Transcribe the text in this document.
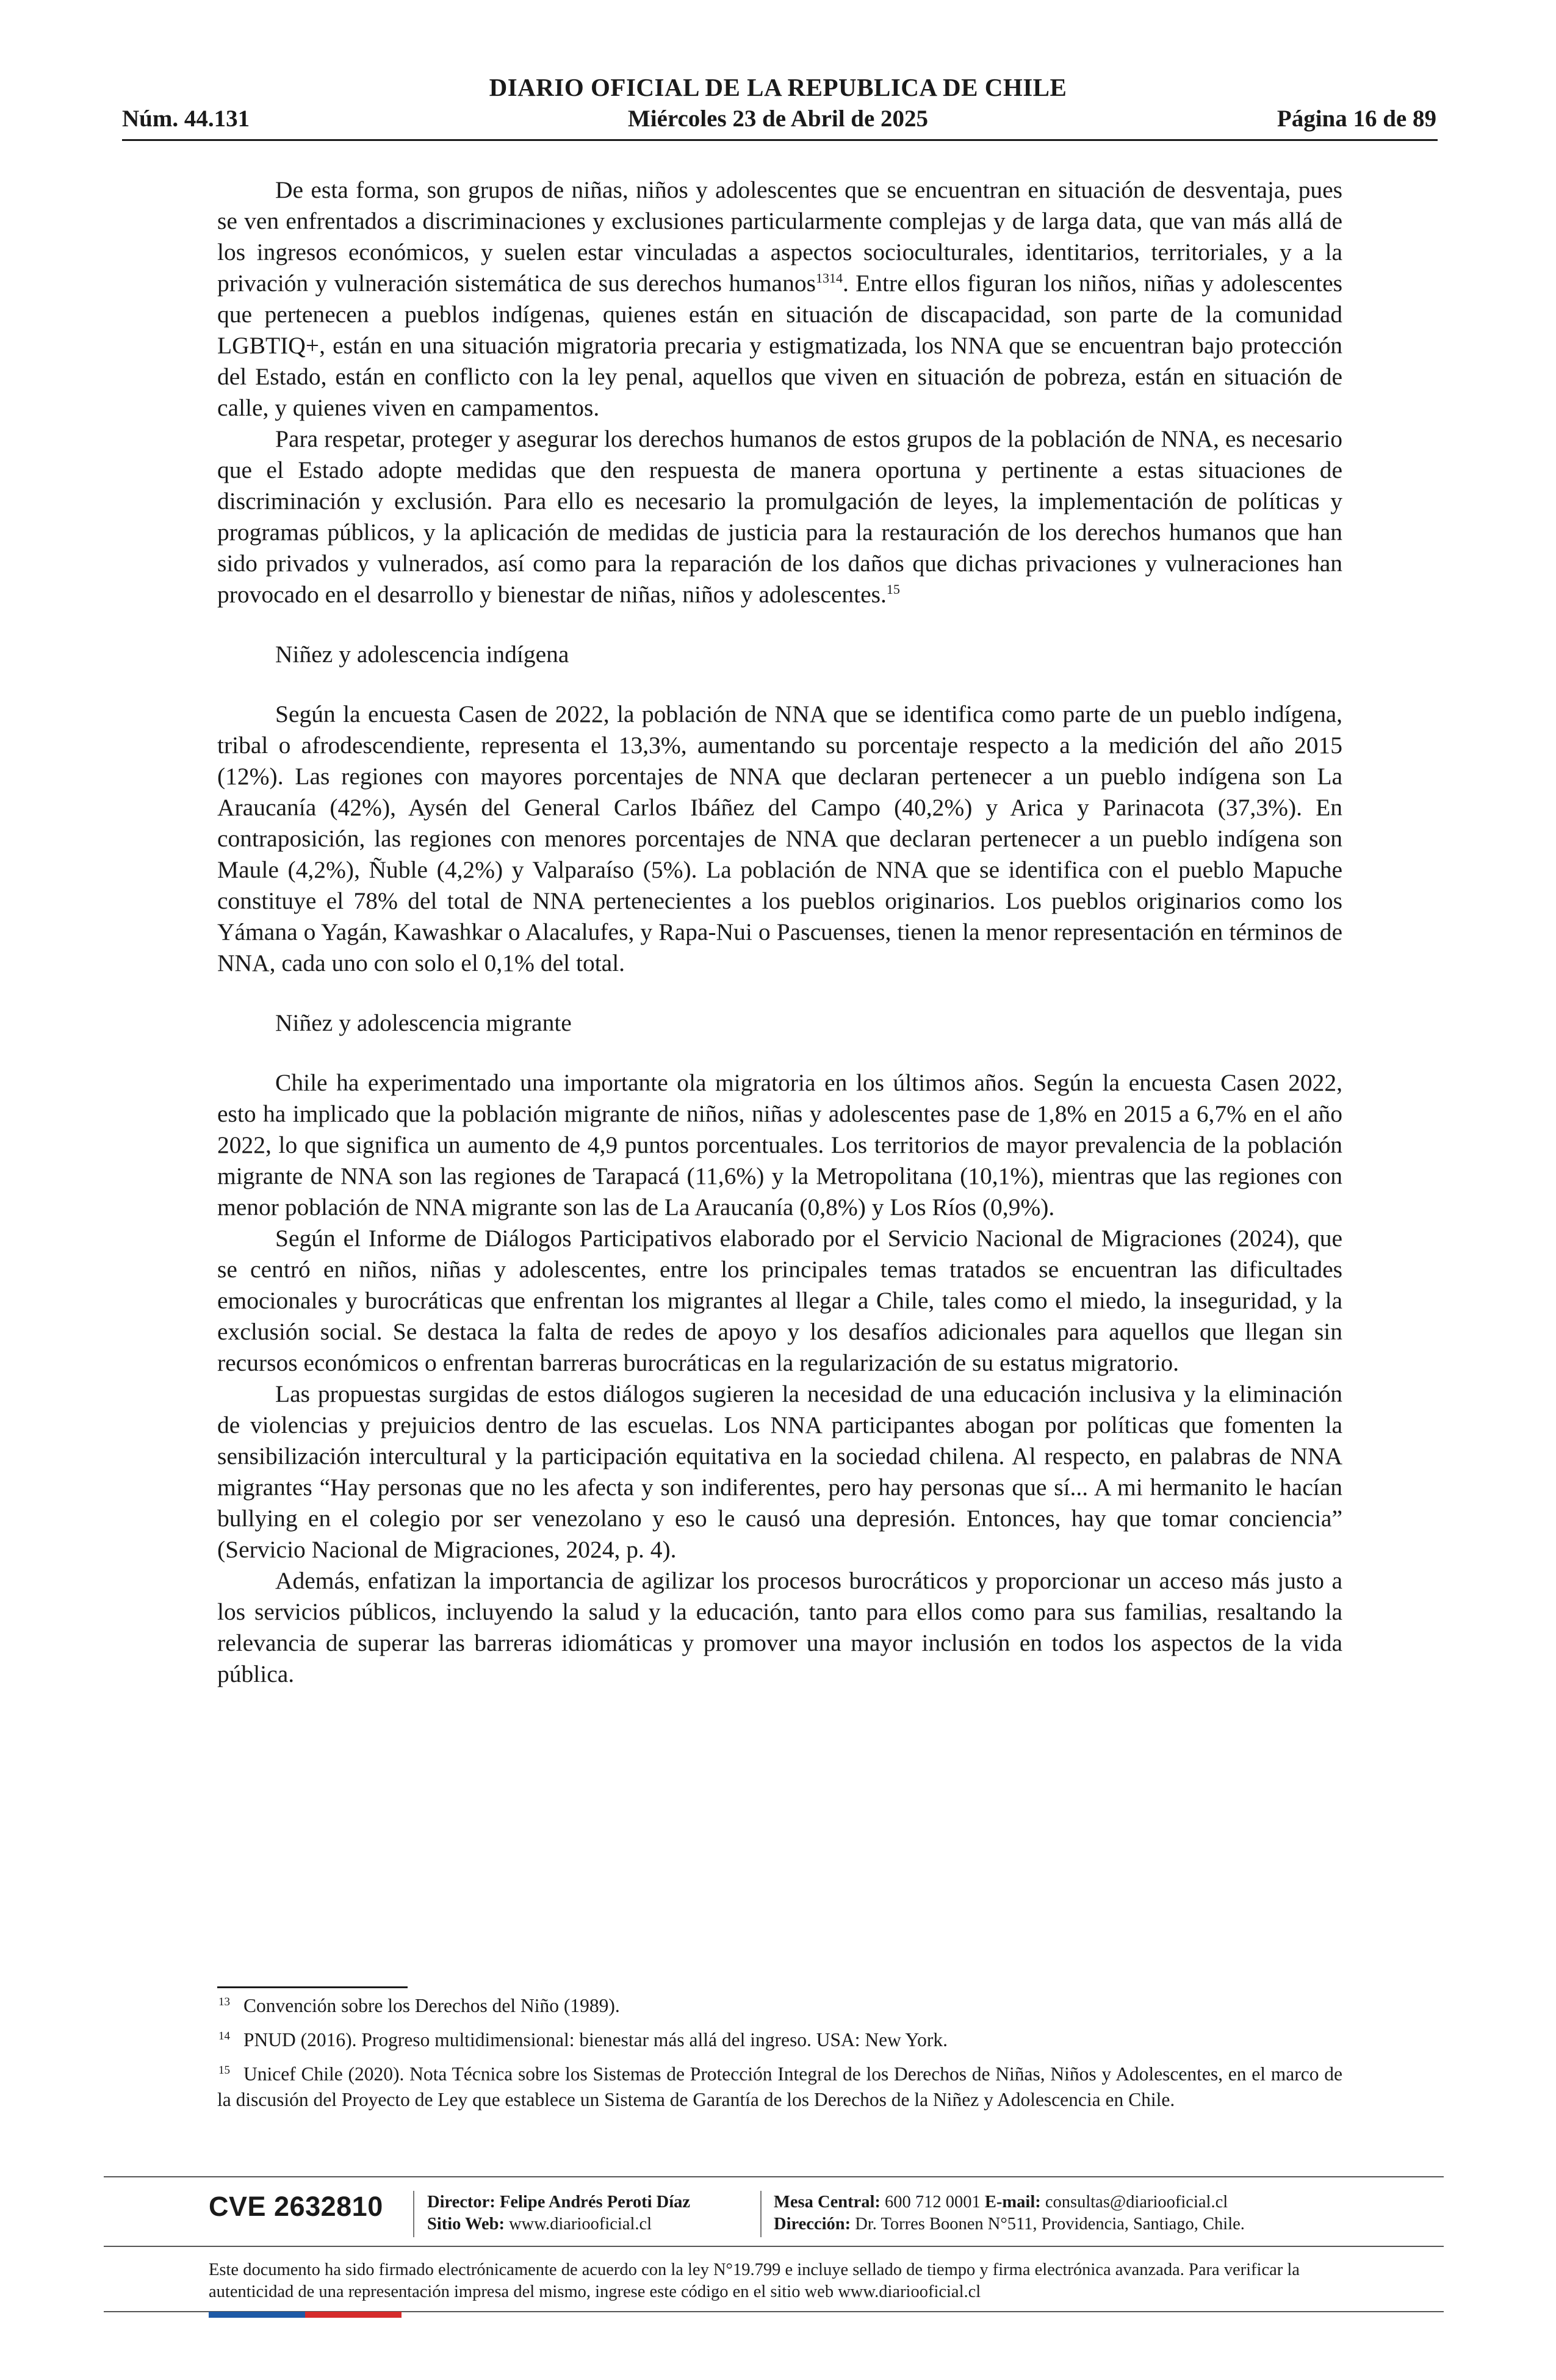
DIARIO OFICIAL DE LA REPUBLICA DE CHILE
Núm. 44.131	Miércoles 23 de Abril de 2025	Página 16 de 89

De esta forma, son grupos de niñas, niños y adolescentes que se encuentran en situación de desventaja, pues se ven enfrentados a discriminaciones y exclusiones particularmente complejas y de larga data, que van más allá de los ingresos económicos, y suelen estar vinculadas a aspectos socioculturales, identitarios, territoriales, y a la privación y vulneración sistemática de sus derechos humanos$^{1314}$. Entre ellos figuran los niños, niñas y adolescentes que pertenecen a pueblos indígenas, quienes están en situación de discapacidad, son parte de la comunidad LGBTIQ+, están en una situación migratoria precaria y estigmatizada, los NNA que se encuentran bajo protección del Estado, están en conflicto con la ley penal, aquellos que viven en situación de pobreza, están en situación de calle, y quienes viven en campamentos.

Para respetar, proteger y asegurar los derechos humanos de estos grupos de la población de NNA, es necesario que el Estado adopte medidas que den respuesta de manera oportuna y pertinente a estas situaciones de discriminación y exclusión. Para ello es necesario la promulgación de leyes, la implementación de políticas y programas públicos, y la aplicación de medidas de justicia para la restauración de los derechos humanos que han sido privados y vulnerados, así como para la reparación de los daños que dichas privaciones y vulneraciones han provocado en el desarrollo y bienestar de niñas, niños y adolescentes.$^{15}$

Niñez y adolescencia indígena

Según la encuesta Casen de 2022, la población de NNA que se identifica como parte de un pueblo indígena, tribal o afrodescendiente, representa el 13,3%, aumentando su porcentaje respecto a la medición del año 2015 (12%). Las regiones con mayores porcentajes de NNA que declaran pertenecer a un pueblo indígena son La Araucanía (42%), Aysén del General Carlos Ibáñez del Campo (40,2%) y Arica y Parinacota (37,3%). En contraposición, las regiones con menores porcentajes de NNA que declaran pertenecer a un pueblo indígena son Maule (4,2%), Ñuble (4,2%) y Valparaíso (5%). La población de NNA que se identifica con el pueblo Mapuche constituye el 78% del total de NNA pertenecientes a los pueblos originarios. Los pueblos originarios como los Yámana o Yagán, Kawashkar o Alacalufes, y Rapa-Nui o Pascuenses, tienen la menor representación en términos de NNA, cada uno con solo el 0,1% del total.

Niñez y adolescencia migrante

Chile ha experimentado una importante ola migratoria en los últimos años. Según la encuesta Casen 2022, esto ha implicado que la población migrante de niños, niñas y adolescentes pase de 1,8% en 2015 a 6,7% en el año 2022, lo que significa un aumento de 4,9 puntos porcentuales. Los territorios de mayor prevalencia de la población migrante de NNA son las regiones de Tarapacá (11,6%) y la Metropolitana (10,1%), mientras que las regiones con menor población de NNA migrante son las de La Araucanía (0,8%) y Los Ríos (0,9%).

Según el Informe de Diálogos Participativos elaborado por el Servicio Nacional de Migraciones (2024), que se centró en niños, niñas y adolescentes, entre los principales temas tratados se encuentran las dificultades emocionales y burocráticas que enfrentan los migrantes al llegar a Chile, tales como el miedo, la inseguridad, y la exclusión social. Se destaca la falta de redes de apoyo y los desafíos adicionales para aquellos que llegan sin recursos económicos o enfrentan barreras burocráticas en la regularización de su estatus migratorio.

Las propuestas surgidas de estos diálogos sugieren la necesidad de una educación inclusiva y la eliminación de violencias y prejuicios dentro de las escuelas. Los NNA participantes abogan por políticas que fomenten la sensibilización intercultural y la participación equitativa en la sociedad chilena. Al respecto, en palabras de NNA migrantes “Hay personas que no les afecta y son indiferentes, pero hay personas que sí... A mi hermanito le hacían bullying en el colegio por ser venezolano y eso le causó una depresión. Entonces, hay que tomar conciencia” (Servicio Nacional de Migraciones, 2024, p. 4).

Además, enfatizan la importancia de agilizar los procesos burocráticos y proporcionar un acceso más justo a los servicios públicos, incluyendo la salud y la educación, tanto para ellos como para sus familias, resaltando la relevancia de superar las barreras idiomáticas y promover una mayor inclusión en todos los aspectos de la vida pública.

$^{13}$ Convención sobre los Derechos del Niño (1989).

$^{14}$ PNUD (2016). Progreso multidimensional: bienestar más allá del ingreso. USA: New York.

$^{15}$ Unicef Chile (2020). Nota Técnica sobre los Sistemas de Protección Integral de los Derechos de Niñas, Niños y Adolescentes, en el marco de la discusión del Proyecto de Ley que establece un Sistema de Garantía de los Derechos de la Niñez y Adolescencia en Chile.

CVE 2632810	Director: Felipe Andrés Peroti Díaz
Sitio Web: www.diariooficial.cl
Mesa Central: 600 712 0001 E-mail: consultas@diariooficial.cl
Dirección: Dr. Torres Boonen N°511, Providencia, Santiago, Chile.
Este documento ha sido firmado electrónicamente de acuerdo con la ley N°19.799 e incluye sellado de tiempo y firma electrónica avanzada. Para verificar la autenticidad de una representación impresa del mismo, ingrese este código en el sitio web www.diariooficial.cl
